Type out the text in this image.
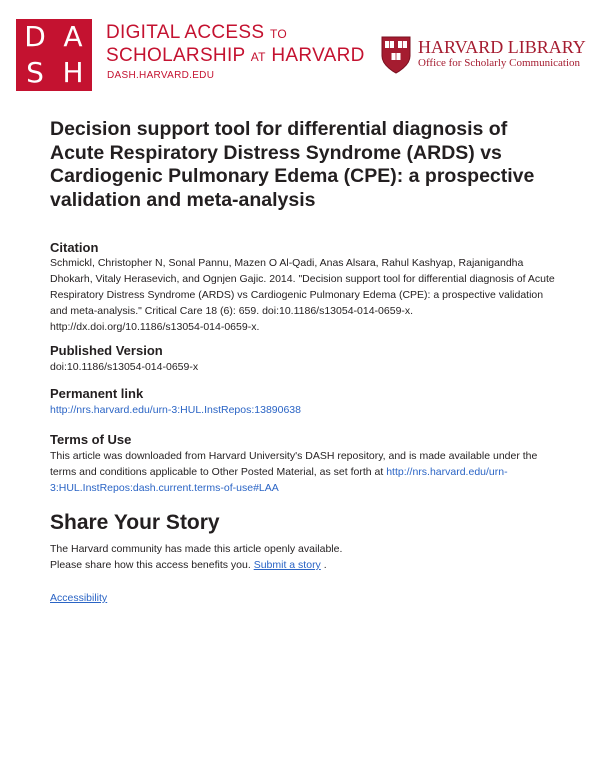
D A
S H
DIGITAL ACCESS TO
SCHOLARSHIP AT HARVARD
DASH.HARVARD.EDU
HARVARD LIBRARY
Office for Scholarly Communication
Decision support tool for differential diagnosis of Acute Respiratory Distress Syndrome (ARDS) vs Cardiogenic Pulmonary Edema (CPE): a prospective validation and meta-analysis
Citation

Schmickl, Christopher N, Sonal Pannu, Mazen O Al-Qadi, Anas Alsara, Rahul Kashyap, Rajanigandha Dhokarh, Vitaly Herasevich, and Ognjen Gajic. 2014. "Decision support tool for differential diagnosis of Acute Respiratory Distress Syndrome (ARDS) vs Cardiogenic Pulmonary Edema (CPE): a prospective validation and meta-analysis." Critical Care 18 (6): 659. doi:10.1186/s13054-014-0659-x. http://dx.doi.org/10.1186/s13054-014-0659-x.

Published Version

doi:10.1186/s13054-014-0659-x

Permanent link

http://nrs.harvard.edu/urn-3:HUL.InstRepos:13890638

Terms of Use

This article was downloaded from Harvard University's DASH repository, and is made available under the terms and conditions applicable to Other Posted Material, as set forth at http://nrs.harvard.edu/urn-3:HUL.InstRepos:dash.current.terms-of-use#LAA

Share Your Story

The Harvard community has made this article openly available.
Please share how this access benefits you. Submit a story .

Accessibility
